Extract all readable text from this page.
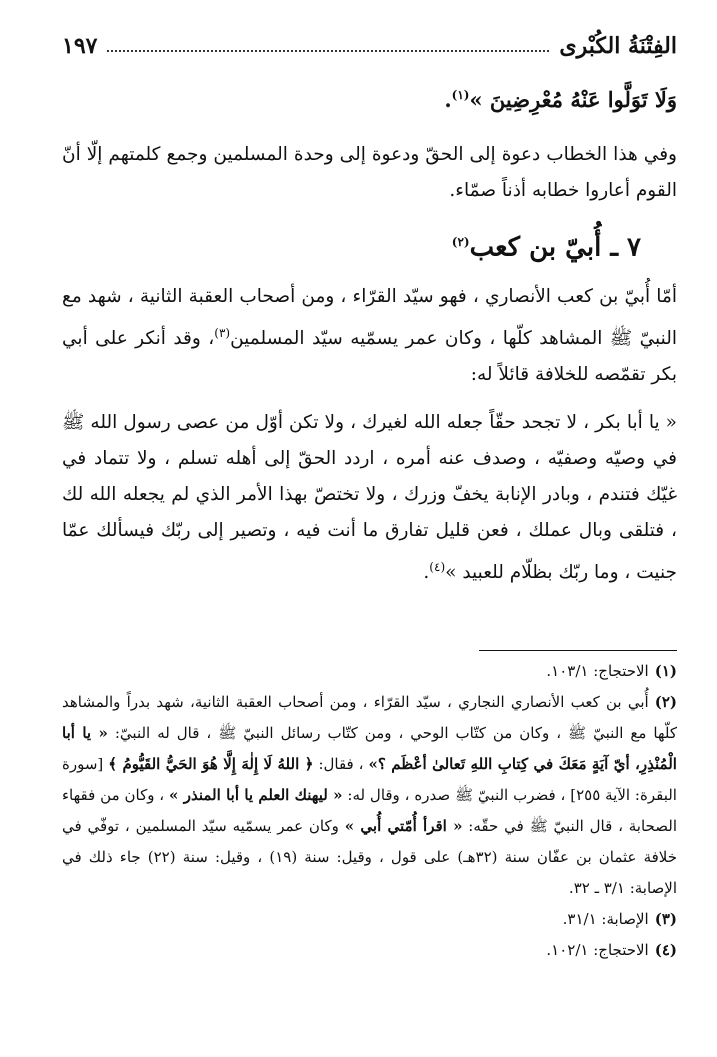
الفِتْنَةُ الكُبْرى
١٩٧

وَلَا تَوَلَّوا عَنْهُ مُعْرِضِينَ »$^{(١)}$.

وفي هذا الخطاب دعوة إلى الحقّ ودعوة إلى وحدة المسلمين وجمع كلمتهم إلّا أنّ القوم أعاروا خطابه أذناً صمّاء.

٧ ـ أُبيّ بن كعب$^{(٢)}$

أمّا أُبيّ بن كعب الأنصاري ، فهو سيّد القرّاء ، ومن أصحاب العقبة الثانية ، شهد مع النبيّ ﷺ المشاهد كلّها ، وكان عمر يسمّيه سيّد المسلمين$^{(٣)}$، وقد أنكر على أبي بكر تقمّصه للخلافة قائلاً له:

« يا أبا بكر ، لا تجحد حقّاً جعله الله لغيرك ، ولا تكن أوّل من عصى رسول الله ﷺ في وصيّه وصفيّه ، وصدف عنه أمره ، اردد الحقّ إلى أهله تسلم ، ولا تتماد في غيّك فتندم ، وبادر الإنابة يخفّ وزرك ، ولا تختصّ بهذا الأمر الذي لم يجعله الله لك ، فتلقى وبال عملك ، فعن قليل تفارق ما أنت فيه ، وتصير إلى ربّك فيسألك عمّا جنيت ، وما ربّك بظلّام للعبيد »$^{(٤)}$.

(١)الاحتجاج: ١٠٣/١.

(٢)أُبي بن كعب الأنصاري النجاري ، سيّد القرّاء ، ومن أصحاب العقبة الثانية، شهد بدراً والمشاهد كلّها مع النبيّ ﷺ ، وكان من كتّاب الوحي ، ومن كتّاب رسائل النبيّ ﷺ ، قال له النبيّ: « يا أبا الْمُنْذِرِ، أيّ آيَةٍ مَعَكَ في كِتابِ اللهِ تَعالىٰ أعْظَم ؟» ، فقال: ﴿ اللهُ لَا إِلٰهَ إِلَّا هُوَ الحَيُّ القَيُّومُ ﴾ [سورة البقرة: الآية ٢٥٥] ، فضرب النبيّ ﷺ صدره ، وقال له: « ليهنك العلم يا أبا المنذر » ، وكان من فقهاء الصحابة ، قال النبيّ ﷺ في حقّه: « اقرأ أُمّتي أُبي » وكان عمر يسمّيه سيّد المسلمين ، توفّي في خلافة عثمان بن عفّان سنة (٣٢هـ) على قول ، وقيل: سنة (١٩) ، وقيل: سنة (٢٢) جاء ذلك في الإصابة: ٣/١ ـ ٣٢.

(٣)الإصابة: ٣١/١.

(٤)الاحتجاج: ١٠٢/١.
